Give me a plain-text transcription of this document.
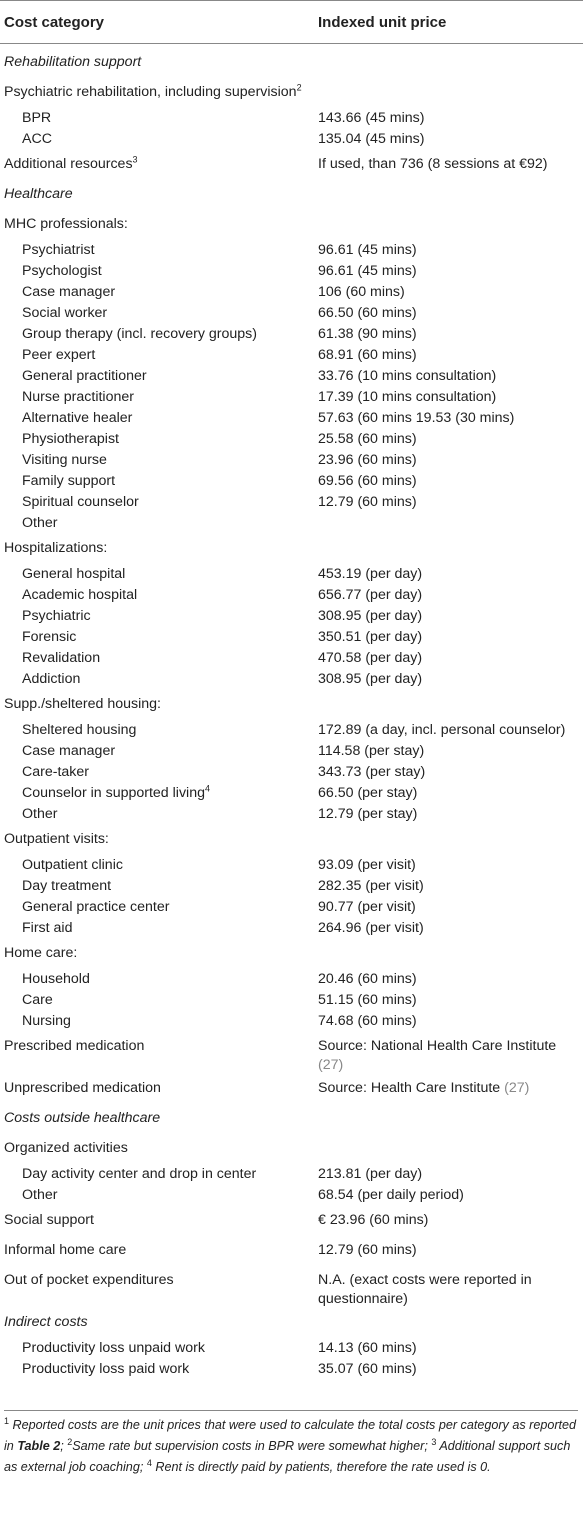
Cost category	Indexed unit price
Rehabilitation support	
Psychiatric rehabilitation, including supervision$^2$	
BPR	143.66 (45 mins)
ACC	135.04 (45 mins)
Additional resources$^3$	If used, than 736 (8 sessions at €92)
Healthcare	
MHC professionals:	
Psychiatrist	96.61 (45 mins)
Psychologist	96.61 (45 mins)
Case manager	106 (60 mins)
Social worker	66.50 (60 mins)
Group therapy (incl. recovery groups)	61.38 (90 mins)
Peer expert	68.91 (60 mins)
General practitioner	33.76 (10 mins consultation)
Nurse practitioner	17.39 (10 mins consultation)
Alternative healer	57.63 (60 mins 19.53 (30 mins)
Physiotherapist	25.58 (60 mins)
Visiting nurse	23.96 (60 mins)
Family support	69.56 (60 mins)
Spiritual counselor	12.79 (60 mins)
Other	
Hospitalizations:	
General hospital	453.19 (per day)
Academic hospital	656.77 (per day)
Psychiatric	308.95 (per day)
Forensic	350.51 (per day)
Revalidation	470.58 (per day)
Addiction	308.95 (per day)
Supp./sheltered housing:	
Sheltered housing	172.89 (a day, incl. personal counselor)
Case manager	114.58 (per stay)
Care-taker	343.73 (per stay)
Counselor in supported living$^4$	66.50 (per stay)
Other	12.79 (per stay)
Outpatient visits:	
Outpatient clinic	93.09 (per visit)
Day treatment	282.35 (per visit)
General practice center	90.77 (per visit)
First aid	264.96 (per visit)
Home care:	
Household	20.46 (60 mins)
Care	51.15 (60 mins)
Nursing	74.68 (60 mins)
Prescribed medication	Source: National Health Care Institute (27)
Unprescribed medication	Source: Health Care Institute (27)
Costs outside healthcare	
Organized activities	
Day activity center and drop in center	213.81 (per day)
Other	68.54 (per daily period)
Social support	€ 23.96 (60 mins)
Informal home care	12.79 (60 mins)
Out of pocket expenditures	N.A. (exact costs were reported in questionnaire)
Indirect costs	
Productivity loss unpaid work	14.13 (60 mins)
Productivity loss paid work	35.07 (60 mins)
$^1$ Reported costs are the unit prices that were used to calculate the total costs per category as reported in Table 2; $^2$Same rate but supervision costs in BPR were somewhat higher; $^3$ Additional support such as external job coaching; $^4$ Rent is directly paid by patients, therefore the rate used is 0.
